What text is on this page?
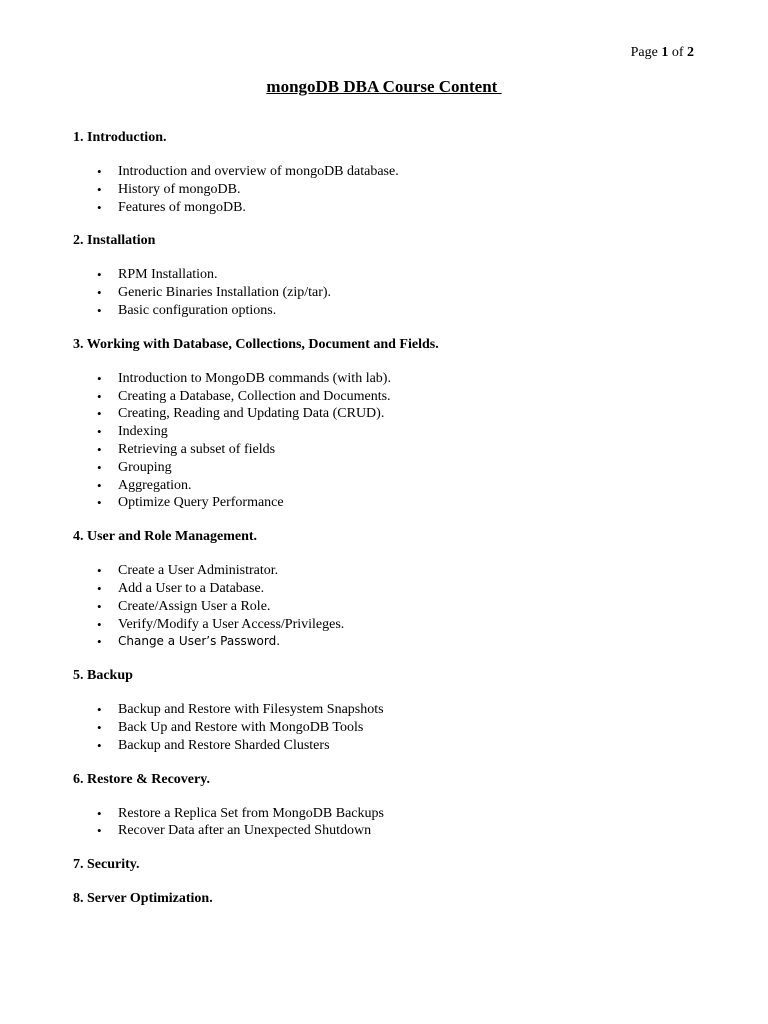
Page 1 of 2
mongoDB DBA Course Content
1. Introduction.
• Introduction and overview of mongoDB database.
• History of mongoDB.
• Features of mongoDB.
2. Installation
• RPM Installation.
• Generic Binaries Installation (zip/tar).
• Basic configuration options.
3. Working with Database, Collections, Document and Fields.
• Introduction to MongoDB commands (with lab).
• Creating a Database, Collection and Documents.
• Creating, Reading and Updating Data (CRUD).
• Indexing
• Retrieving a subset of fields
• Grouping
• Aggregation.
• Optimize Query Performance
4. User and Role Management.
• Create a User Administrator.
• Add a User to a Database.
• Create/Assign User a Role.
• Verify/Modify a User Access/Privileges.
• Change a User’s Password.
5. Backup
• Backup and Restore with Filesystem Snapshots
• Back Up and Restore with MongoDB Tools
• Backup and Restore Sharded Clusters
6. Restore & Recovery.
• Restore a Replica Set from MongoDB Backups
• Recover Data after an Unexpected Shutdown
7. Security.
8. Server Optimization.
